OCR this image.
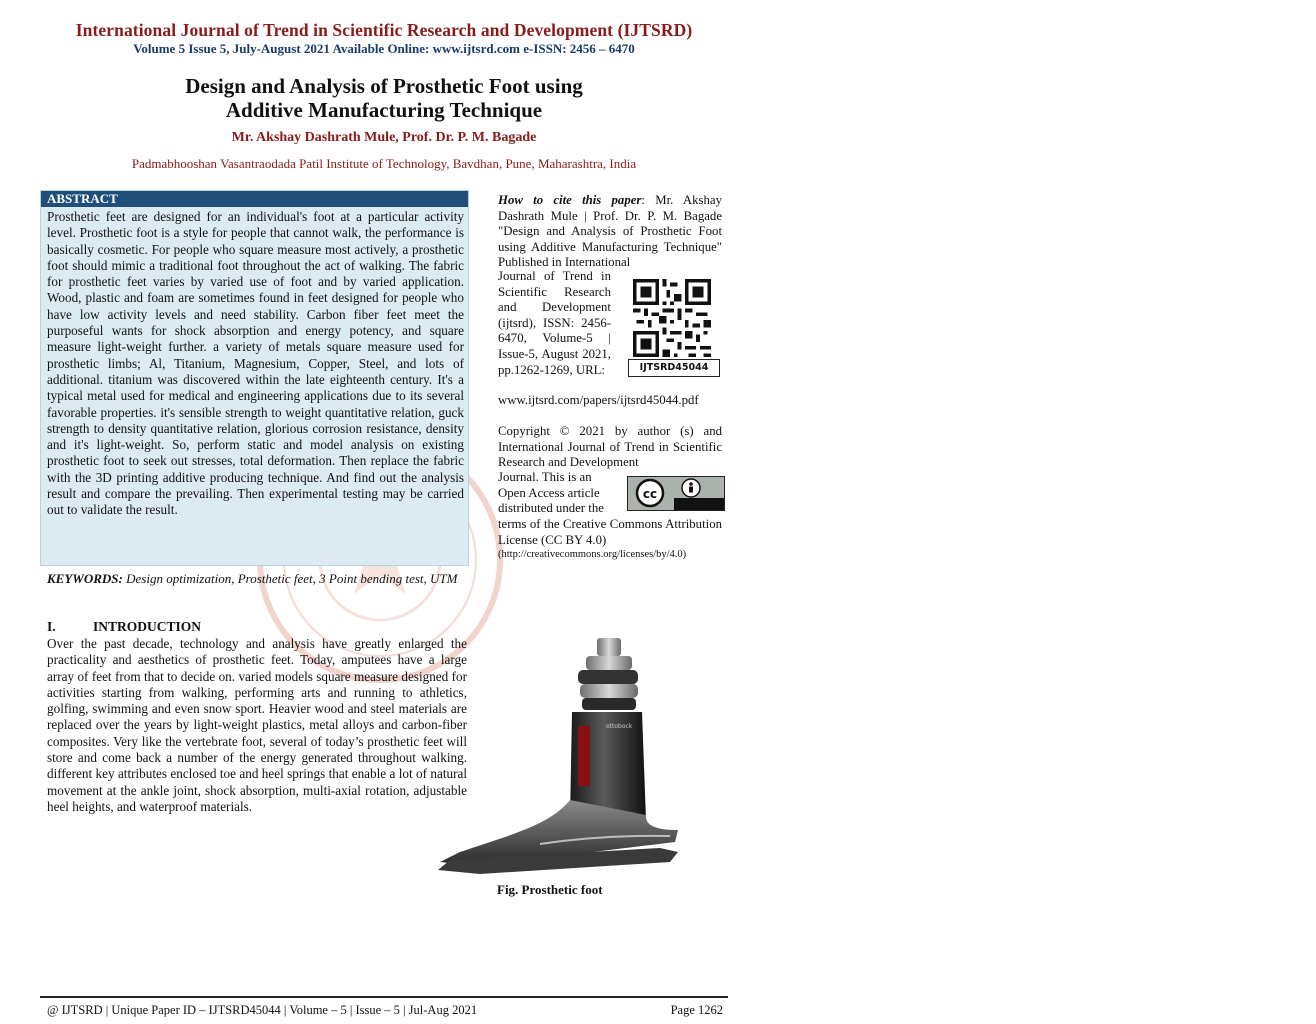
International Journal of Trend in Scientific Research and Development (IJTSRD)
Volume 5 Issue 5, July-August 2021 Available Online: www.ijtsrd.com e-ISSN: 2456 – 6470
Design and Analysis of Prosthetic Foot using
Additive Manufacturing Technique
Mr. Akshay Dashrath Mule, Prof. Dr. P. M. Bagade
Padmabhooshan Vasantraodada Patil Institute of Technology, Bavdhan, Pune, Maharashtra, India
ABSTRACT
Prosthetic feet are designed for an individual's foot at a particular activity level. Prosthetic foot is a style for people that cannot walk, the performance is basically cosmetic. For people who square measure most actively, a prosthetic foot should mimic a traditional foot throughout the act of walking. The fabric for prosthetic feet varies by varied use of foot and by varied application. Wood, plastic and foam are sometimes found in feet designed for people who have low activity levels and need stability. Carbon fiber feet meet the purposeful wants for shock absorption and energy potency, and square measure light-weight further. a variety of metals square measure used for prosthetic limbs; Al, Titanium, Magnesium, Copper, Steel, and lots of additional. titanium was discovered within the late eighteenth century. It's a typical metal used for medical and engineering applications due to its several favorable properties. it's sensible strength to weight quantitative relation, guck strength to density quantitative relation, glorious corrosion resistance, density and it's light-weight. So, perform static and model analysis on existing prosthetic foot to seek out stresses, total deformation. Then replace the fabric with the 3D printing additive producing technique. And find out the analysis result and compare the prevailing. Then experimental testing may be carried out to validate the result.
KEYWORDS: Design optimization, Prosthetic feet, 3 Point bending test, UTM
I.	INTRODUCTION
Over the past decade, technology and analysis have greatly enlarged the practicality and aesthetics of prosthetic feet. Today, amputees have a large array of feet from that to decide on. varied models square measure designed for activities starting from walking, performing arts and running to athletics, golfing, swimming and even snow sport. Heavier wood and steel materials are replaced over the years by light-weight plastics, metal alloys and carbon-fiber composites. Very like the vertebrate foot, several of today’s prosthetic feet will store and come back a number of the energy generated throughout walking. different key attributes enclosed toe and heel springs that enable a lot of natural movement at the ankle joint, shock absorption, multi-axial rotation, adjustable heel heights, and waterproof materials.
How to cite this paper: Mr. Akshay Dashrath Mule | Prof. Dr. P. M. Bagade "Design and Analysis of Prosthetic Foot using Additive Manufacturing Technique" Published in International
Journal of Trend in Scientific Research and Development (ijtsrd), ISSN: 2456-6470, Volume-5 | Issue-5, August 2021, pp.1262-1269, URL:
www.ijtsrd.com/papers/ijtsrd45044.pdf
IJTSRD45044
Copyright © 2021 by author (s) and International Journal of Trend in Scientific Research and Development
Journal. This is an Open Access article distributed under the
terms of the Creative Commons Attribution License (CC BY 4.0)
(http://creativecommons.org/licenses/by/4.0)
cc
BY
ottobock
Fig. Prosthetic foot
@ IJTSRD | Unique Paper ID – IJTSRD45044 | Volume – 5 | Issue – 5 | Jul-Aug 2021	Page 1262
